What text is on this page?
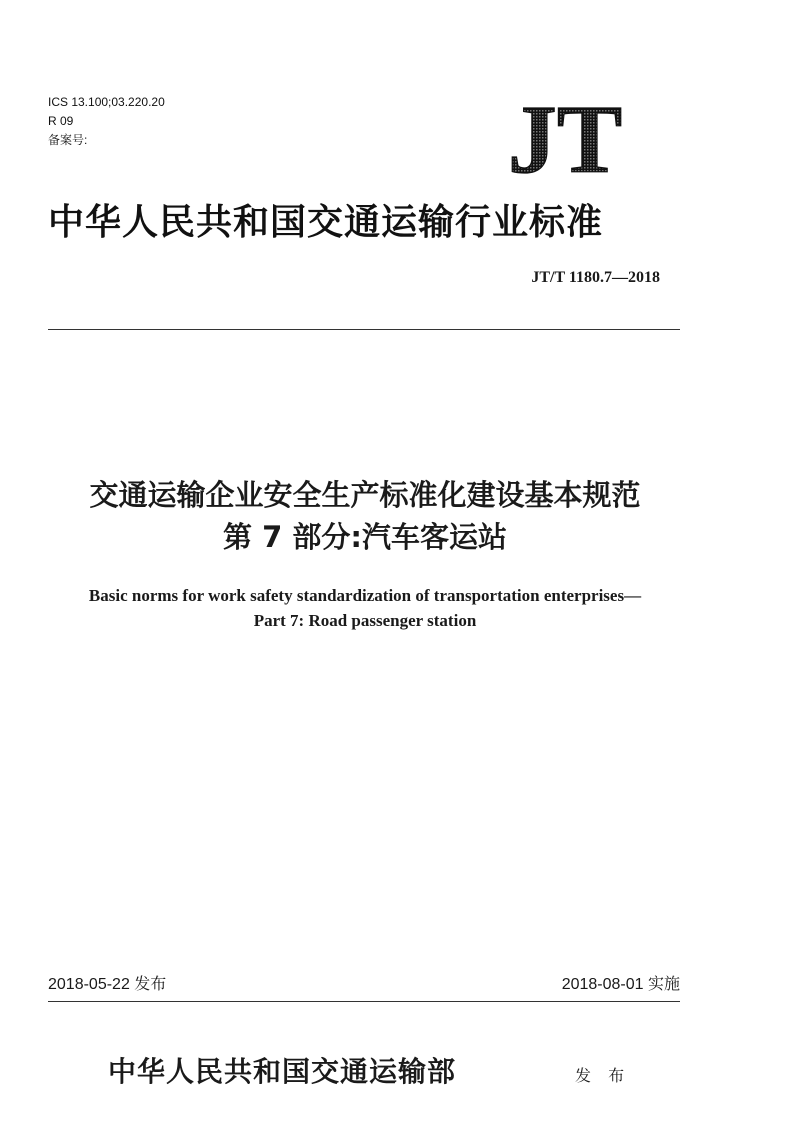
ICS 13.100;03.220.20
R 09
备案号:	JT
中华人民共和国交通运输行业标准
JT/T 1180.7—2018
交通运输企业安全生产标准化建设基本规范
第 7 部分:汽车客运站
Basic norms for work safety standardization of transportation enterprises—
Part 7: Road passenger station
2018-05-22 发布	2018-08-01 实施
中华人民共和国交通运输部	发 布
